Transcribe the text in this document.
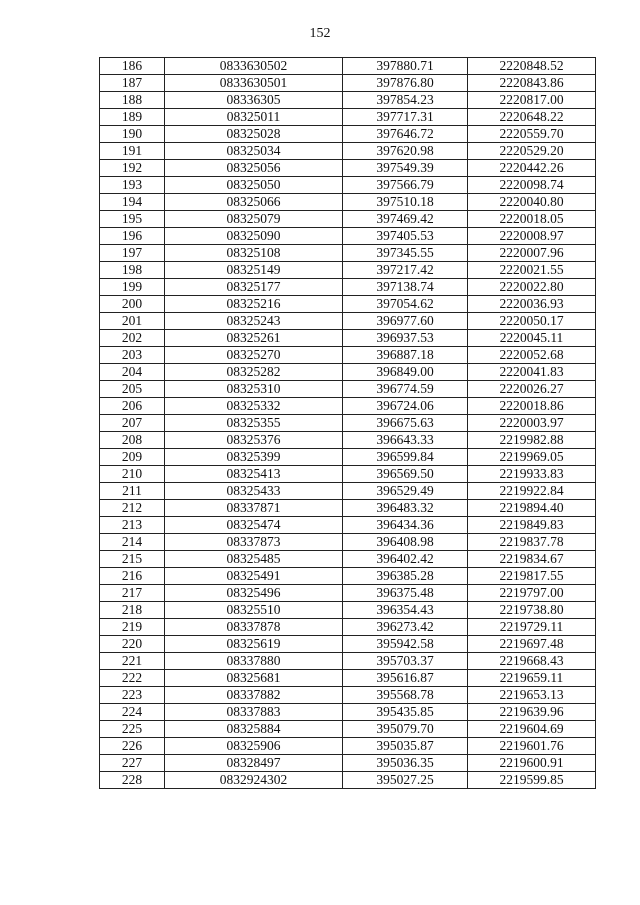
152
186	0833630502	397880.71	2220848.52
187	0833630501	397876.80	2220843.86
188	08336305	397854.23	2220817.00
189	08325011	397717.31	2220648.22
190	08325028	397646.72	2220559.70
191	08325034	397620.98	2220529.20
192	08325056	397549.39	2220442.26
193	08325050	397566.79	2220098.74
194	08325066	397510.18	2220040.80
195	08325079	397469.42	2220018.05
196	08325090	397405.53	2220008.97
197	08325108	397345.55	2220007.96
198	08325149	397217.42	2220021.55
199	08325177	397138.74	2220022.80
200	08325216	397054.62	2220036.93
201	08325243	396977.60	2220050.17
202	08325261	396937.53	2220045.11
203	08325270	396887.18	2220052.68
204	08325282	396849.00	2220041.83
205	08325310	396774.59	2220026.27
206	08325332	396724.06	2220018.86
207	08325355	396675.63	2220003.97
208	08325376	396643.33	2219982.88
209	08325399	396599.84	2219969.05
210	08325413	396569.50	2219933.83
211	08325433	396529.49	2219922.84
212	08337871	396483.32	2219894.40
213	08325474	396434.36	2219849.83
214	08337873	396408.98	2219837.78
215	08325485	396402.42	2219834.67
216	08325491	396385.28	2219817.55
217	08325496	396375.48	2219797.00
218	08325510	396354.43	2219738.80
219	08337878	396273.42	2219729.11
220	08325619	395942.58	2219697.48
221	08337880	395703.37	2219668.43
222	08325681	395616.87	2219659.11
223	08337882	395568.78	2219653.13
224	08337883	395435.85	2219639.96
225	08325884	395079.70	2219604.69
226	08325906	395035.87	2219601.76
227	08328497	395036.35	2219600.91
228	0832924302	395027.25	2219599.85
